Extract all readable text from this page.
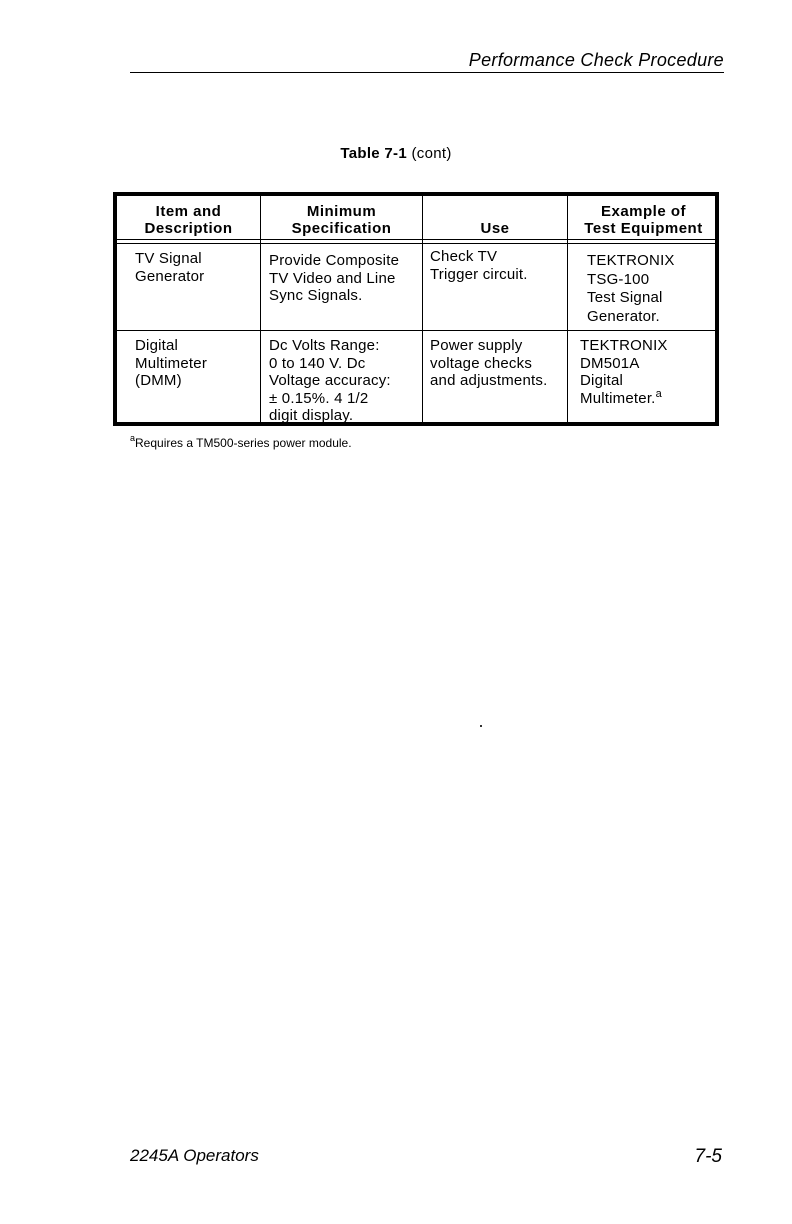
Performance Check Procedure
Table 7-1 (cont)
Item and
Description
Minimum
Specification	Use
Example of
Test Equipment
TV Signal
Generator
Provide Composite
TV Video and Line
Sync Signals.
Check TV
Trigger circuit.
TEKTRONIX
TSG-100
Test Signal
Generator.
Digital
Multimeter
(DMM)
Dc Volts Range:
0 to 140 V. Dc
Voltage accuracy:
± 0.15%. 4 1/2
digit display.
Power supply
voltage checks
and adjustments.
TEKTRONIX
DM501A
Digital
Multimeter.$^a$
$^a$Requires a TM500-series power module.
2245A Operators	7-5
